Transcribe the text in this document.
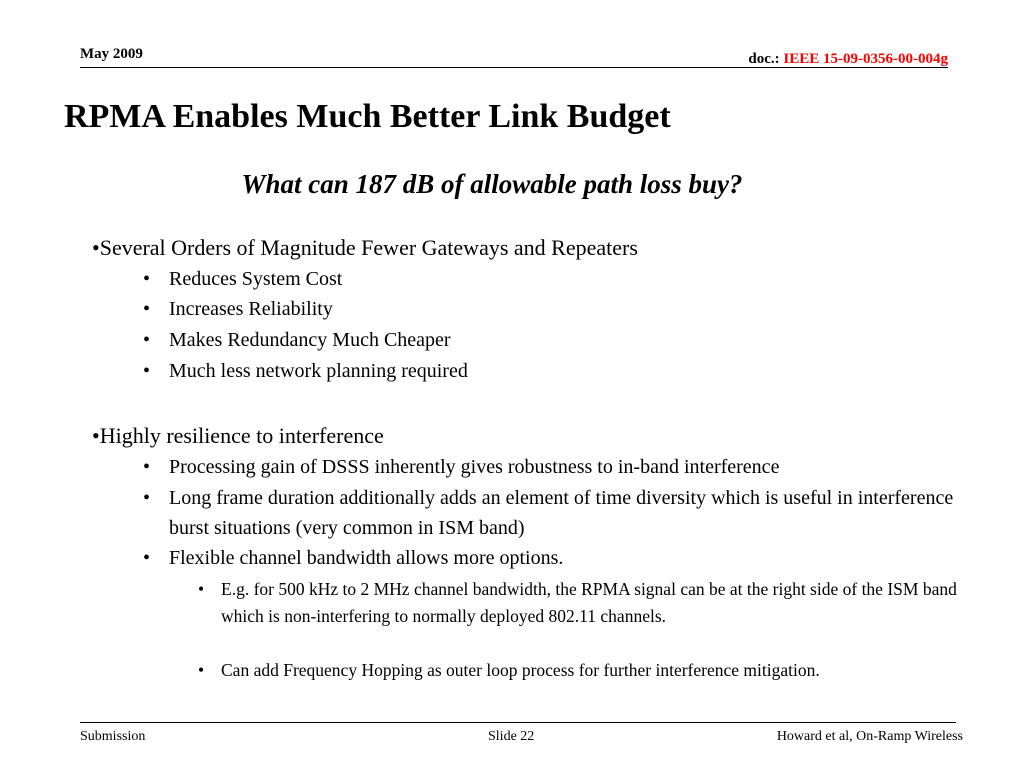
May 2009	doc.: IEEE 15-09-0356-00-004g
RPMA Enables Much Better Link Budget
What can 187 dB of allowable path loss buy?
•Several Orders of Magnitude Fewer Gateways and Repeaters
• Reduces System Cost
• Increases Reliability
• Makes Redundancy Much Cheaper
• Much less network planning required
•Highly resilience to interference
• Processing gain of DSSS inherently gives robustness to in-band interference
• Long frame duration additionally adds an element of time diversity which is useful in interference burst situations (very common in ISM band)
• Flexible channel bandwidth allows more options.
• E.g. for 500 kHz to 2 MHz channel bandwidth, the RPMA signal can be at the right side of the ISM band which is non-interfering to normally deployed 802.11 channels.
• Can add Frequency Hopping as outer loop process for further interference mitigation.
Submission	Slide 22	Howard et al, On-Ramp Wireless
